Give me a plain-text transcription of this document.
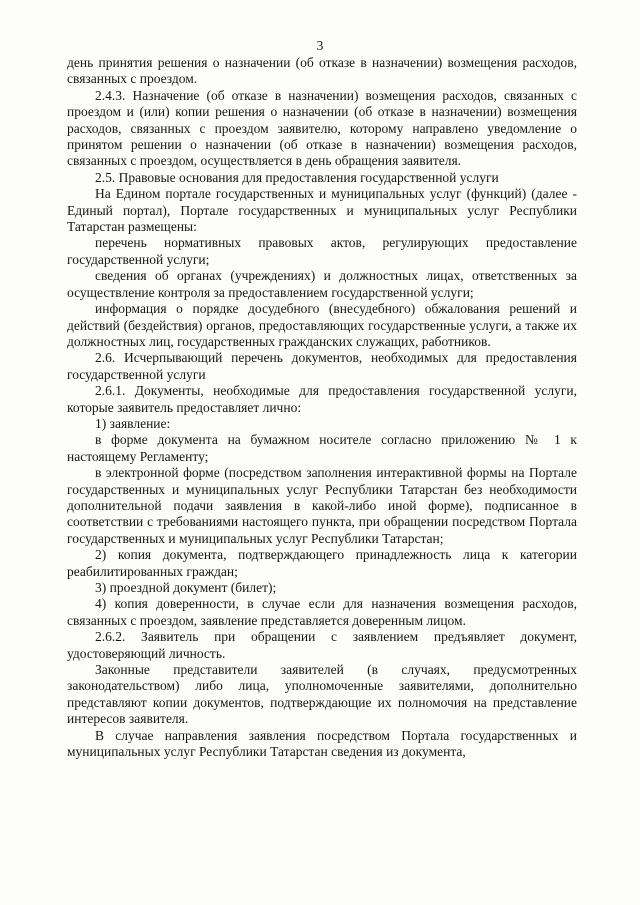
3

день принятия решения о назначении (об отказе в назначении) возмещения расходов, связанных с проездом.

2.4.3. Назначение (об отказе в назначении) возмещения расходов, связанных с проездом и (или) копии решения о назначении (об отказе в назначении) возмещения расходов, связанных с проездом заявителю, которому направлено уведомление о принятом решении о назначении (об отказе в назначении) возмещения расходов, связанных с проездом, осуществляется в день обращения заявителя.

2.5. Правовые основания для предоставления государственной услуги

На Едином портале государственных и муниципальных услуг (функций) (далее - Единый портал), Портале государственных и муниципальных услуг Республики Татарстан размещены:

перечень нормативных правовых актов, регулирующих предоставление государственной услуги;

сведения об органах (учреждениях) и должностных лицах, ответственных за осуществление контроля за предоставлением государственной услуги;

информация о порядке досудебного (внесудебного) обжалования решений и действий (бездействия) органов, предоставляющих государственные услуги, а также их должностных лиц, государственных гражданских служащих, работников.

2.6. Исчерпывающий перечень документов, необходимых для предоставления государственной услуги

2.6.1. Документы, необходимые для предоставления государственной услуги, которые заявитель предоставляет лично:

1) заявление:

в форме документа на бумажном носителе согласно приложению № 1 к настоящему Регламенту;

в электронной форме (посредством заполнения интерактивной формы на Портале государственных и муниципальных услуг Республики Татарстан без необходимости дополнительной подачи заявления в какой-либо иной форме), подписанное в соответствии с требованиями настоящего пункта, при обращении посредством Портала государственных и муниципальных услуг Республики Татарстан;

2) копия документа, подтверждающего принадлежность лица к категории реабилитированных граждан;

3) проездной документ (билет);

4) копия доверенности, в случае если для назначения возмещения расходов, связанных с проездом, заявление представляется доверенным лицом.

2.6.2. Заявитель при обращении с заявлением предъявляет документ, удостоверяющий личность.

Законные представители заявителей (в случаях, предусмотренных законодательством) либо лица, уполномоченные заявителями, дополнительно представляют копии документов, подтверждающие их полномочия на представление интересов заявителя.

В случае направления заявления посредством Портала государственных и муниципальных услуг Республики Татарстан сведения из документа,
